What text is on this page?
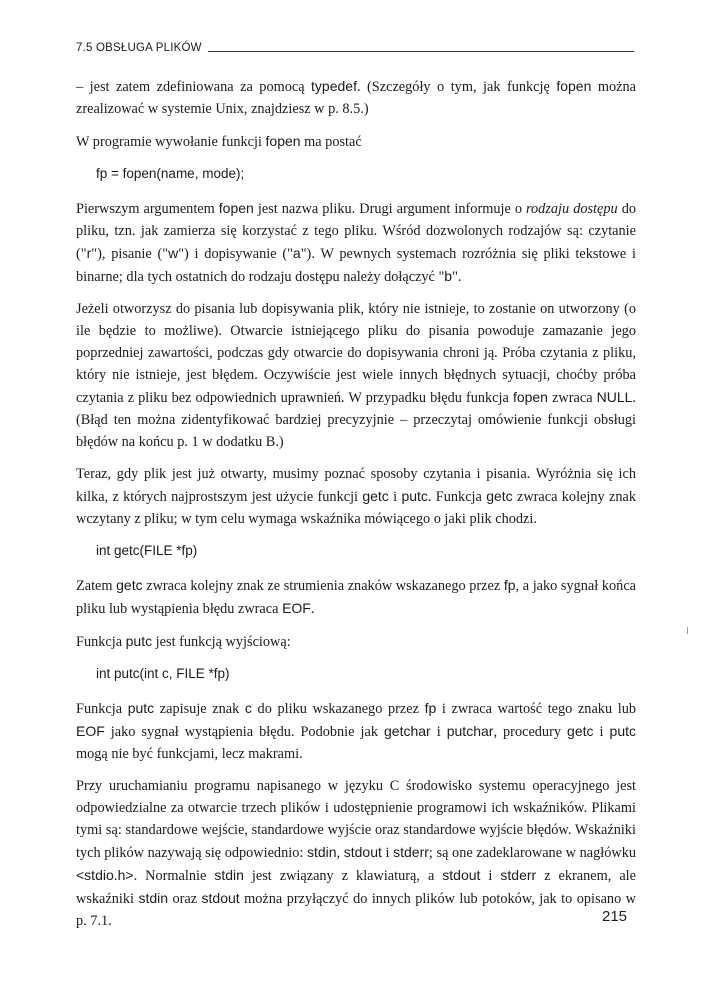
7.5 OBSŁUGA PLIKÓW

– jest zatem zdefiniowana za pomocą typedef. (Szczegóły o tym, jak funkcję fopen można zrealizować w systemie Unix, znajdziesz w p. 8.5.)

W programie wywołanie funkcji fopen ma postać

fp = fopen(name, mode);

Pierwszym argumentem fopen jest nazwa pliku. Drugi argument informuje o rodzaju dostępu do pliku, tzn. jak zamierza się korzystać z tego pliku. Wśród dozwolonych rodzajów są: czytanie ("r"), pisanie ("w") i dopisywanie ("a"). W pewnych systemach rozróżnia się pliki tekstowe i binarne; dla tych ostatnich do rodzaju dostępu należy dołączyć "b".

Jeżeli otworzysz do pisania lub dopisywania plik, który nie istnieje, to zostanie on utworzony (o ile będzie to możliwe). Otwarcie istniejącego pliku do pisania powoduje zamazanie jego poprzedniej zawartości, podczas gdy otwarcie do dopisywania chroni ją. Próba czytania z pliku, który nie istnieje, jest błędem. Oczywiście jest wiele innych błędnych sytuacji, choćby próba czytania z pliku bez odpowiednich uprawnień. W przypadku błędu funkcja fopen zwraca NULL. (Błąd ten można zidentyfikować bardziej precyzyjnie – przeczytaj omówienie funkcji obsługi błędów na końcu p. 1 w dodatku B.)

Teraz, gdy plik jest już otwarty, musimy poznać sposoby czytania i pisania. Wyróżnia się ich kilka, z których najprostszym jest użycie funkcji getc i putc. Funkcja getc zwraca kolejny znak wczytany z pliku; w tym celu wymaga wskaźnika mówiącego o jaki plik chodzi.

int getc(FILE *fp)

Zatem getc zwraca kolejny znak ze strumienia znaków wskazanego przez fp, a jako sygnał końca pliku lub wystąpienia błędu zwraca EOF.

Funkcja putc jest funkcją wyjściową:

int putc(int c, FILE *fp)

Funkcja putc zapisuje znak c do pliku wskazanego przez fp i zwraca wartość tego znaku lub EOF jako sygnał wystąpienia błędu. Podobnie jak getchar i putchar, procedury getc i putc mogą nie być funkcjami, lecz makrami.

Przy uruchamianiu programu napisanego w języku C środowisko systemu operacyjnego jest odpowiedzialne za otwarcie trzech plików i udostępnienie programowi ich wskaźników. Plikami tymi są: standardowe wejście, standardowe wyjście oraz standardowe wyjście błędów. Wskaźniki tych plików nazywają się odpowiednio: stdin, stdout i stderr; są one zadeklarowane w nagłówku <stdio.h>. Normalnie stdin jest związany z klawiaturą, a stdout i stderr z ekranem, ale wskaźniki stdin oraz stdout można przyłączyć do innych plików lub potoków, jak to opisano w p. 7.1.	215
